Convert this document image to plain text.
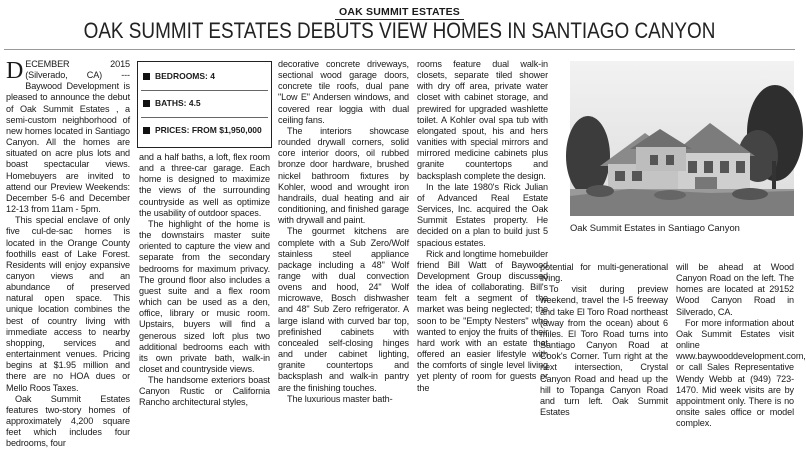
OAK SUMMIT ESTATES
OAK SUMMIT ESTATES DEBUTS VIEW HOMES IN SANTIAGO CANYON

DECEMBER 2015 (Silverado, CA) --- Baywood Development is pleased to announce the debut of Oak Summit Estates , a semi-custom neighborhood of new homes located in Santiago Canyon. All the homes are situated on acre plus lots and boast spectacular views. Homebuyers are invited to attend our Preview Weekends: December 5-6 and December 12-13 from 11am - 5pm.

This special enclave of only five cul-de-sac homes is located in the Orange County foothills east of Lake Forest. Residents will enjoy expansive canyon views and an abundance of preserved natural open space. This unique location combines the best of country living with immediate access to nearby shopping, services and entertainment venues. Pricing begins at $1.95 million and there are no HOA dues or Mello Roos Taxes.

Oak Summit Estates features two-story homes of approximately 4,200 square feet which includes four bedrooms, four

BEDROOMS: 4
BATHS: 4.5
PRICES: FROM $1,950,000

and a half baths, a loft, flex room and a three-car garage. Each home is designed to maximize the views of the surrounding countryside as well as optimize the usability of outdoor spaces.

The highlight of the home is the downstairs master suite oriented to capture the view and separate from the secondary bedrooms for maximum privacy. The ground floor also includes a guest suite and a flex room which can be used as a den, office, library or music room. Upstairs, buyers will find a generous sized loft plus two additional bedrooms each with its own private bath, walk-in closet and countryside views.

The handsome exteriors boast Canyon Rustic or California Rancho architectural styles,

decorative concrete driveways, sectional wood garage doors, concrete tile roofs, dual pane "Low E" Andersen windows, and covered rear loggia with dual ceiling fans.

The interiors showcase rounded drywall corners, solid core interior doors, oil rubbed bronze door hardware, brushed nickel bathroom fixtures by Kohler, wood and wrought iron handrails, dual heating and air conditioning, and finished garage with drywall and paint.

The gourmet kitchens are complete with a Sub Zero/Wolf stainless steel appliance package including a 48" Wolf range with dual convection ovens and hood, 24" Wolf microwave, Bosch dishwasher and 48" Sub Zero refrigerator. A large island with curved bar top, prefinished cabinets with concealed self-closing hinges and under cabinet lighting, granite countertops and backsplash and walk-in pantry are the finishing touches.

The luxurious master bath-

rooms feature dual walk-in closets, separate tiled shower with dry off area, private water closet with cabinet storage, and prewired for upgraded washlette toilet. A Kohler oval spa tub with elongated spout, his and hers vanities with special mirrors and mirrored medicine cabinets plus granite countertops and backsplash complete the design.

In the late 1980's Rick Julian of Advanced Real Estate Services, Inc. acquired the Oak Summit Estates property. He decided on a plan to build just 5 spacious estates.

Rick and longtime homebuilder friend Bill Watt of Baywood Development Group discussed the idea of collaborating. Bill's team felt a segment of the market was being neglected; the soon to be "Empty Nesters" who wanted to enjoy the fruits of their hard work with an estate that offered an easier lifestyle with the comforts of single level living yet plenty of room for guests or the

Oak Summit Estates in Santiago Canyon

potential for multi-generational living.

To visit during preview weekend, travel the I-5 freeway and take El Toro Road northeast (away from the ocean) about 6 miles. El Toro Road turns into Santiago Canyon Road at Cook's Corner. Turn right at the next intersection, Crystal Canyon Road and head up the hill to Topanga Canyon Road and turn left. Oak Summit Estates

will be ahead at Wood Canyon Road on the left. The homes are located at 29152 Wood Canyon Road in Silverado, CA.

For more information about Oak Summit Estates visit online www.baywooddevelopment.com, or call Sales Representative Wendy Webb at (949) 723-1470. Mid week visits are by appointment only. There is no onsite sales office or model complex.
